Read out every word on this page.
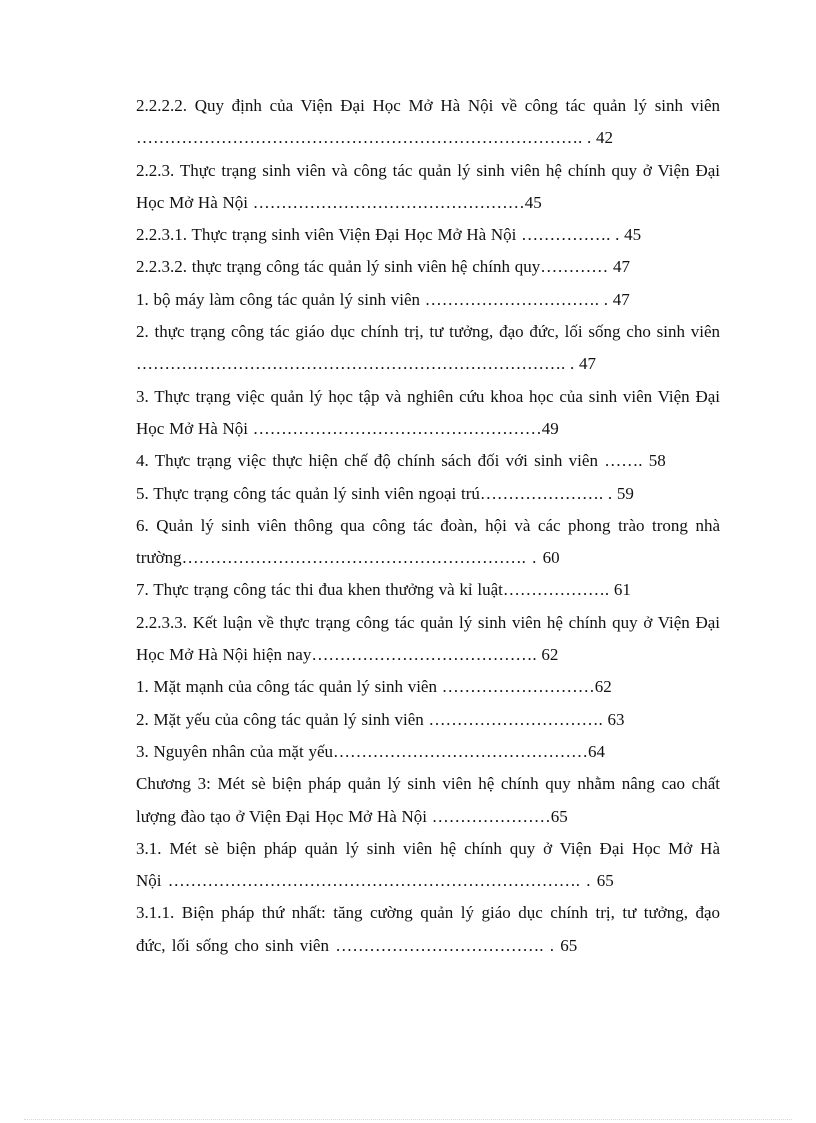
2.2.2.2. Quy định của Viện Đại Học Mở Hà Nội về công tác quản lý sinh viên ……………………………………………………………………. . 42

2.2.3. Thực trạng sinh viên và công tác quản lý sinh viên hệ chính quy ở Viện Đại Học Mở Hà Nội …………………………………………45

2.2.3.1. Thực trạng sinh viên Viện Đại Học Mở Hà Nội ……………. . 45

2.2.3.2. thực trạng công tác quản lý sinh viên hệ chính quy………… 47

1. bộ máy làm công tác quản lý sinh viên …………………………. . 47

2. thực trạng công tác giáo dục chính trị, tư tưởng, đạo đức, lối sống cho sinh viên …………………………………………………………………. . 47

3. Thực trạng việc quản lý học tập và nghiên cứu khoa học của sinh viên Viện Đại Học Mở Hà Nội ……………………………………………49

4. Thực trạng việc thực hiện chế độ chính sách đối với sinh viên ……. 58

5. Thực trạng công tác quản lý sinh viên ngoại trú…………………. . 59

6. Quản lý sinh viên thông qua công tác đoàn, hội và các phong trào trong nhà trường……………………………………………………. . 60

7. Thực trạng công tác thi đua khen thưởng và kỉ luật………………. 61

2.2.3.3. Kết luận về thực trạng công tác quản lý sinh viên hệ chính quy ở Viện Đại Học Mở Hà Nội hiện nay…………………………………. 62

1. Mặt mạnh của công tác quản lý sinh viên ………………………62

2. Mặt yếu của công tác quản lý sinh viên …………………………. 63

3. Nguyên nhân của mặt yếu………………………………………64

Chương 3: Mét sè biện pháp quản lý sinh viên hệ chính quy nhằm nâng cao chất lượng đào tạo ở Viện Đại Học Mở Hà Nội …………………65

3.1. Mét sè biện pháp quản lý sinh viên hệ chính quy ở Viện Đại Học Mở Hà Nội ………………………………………………………………. . 65

3.1.1. Biện pháp thứ nhất: tăng cường quản lý giáo dục chính trị, tư tưởng, đạo đức, lối sống cho sinh viên ………………………………. . 65
